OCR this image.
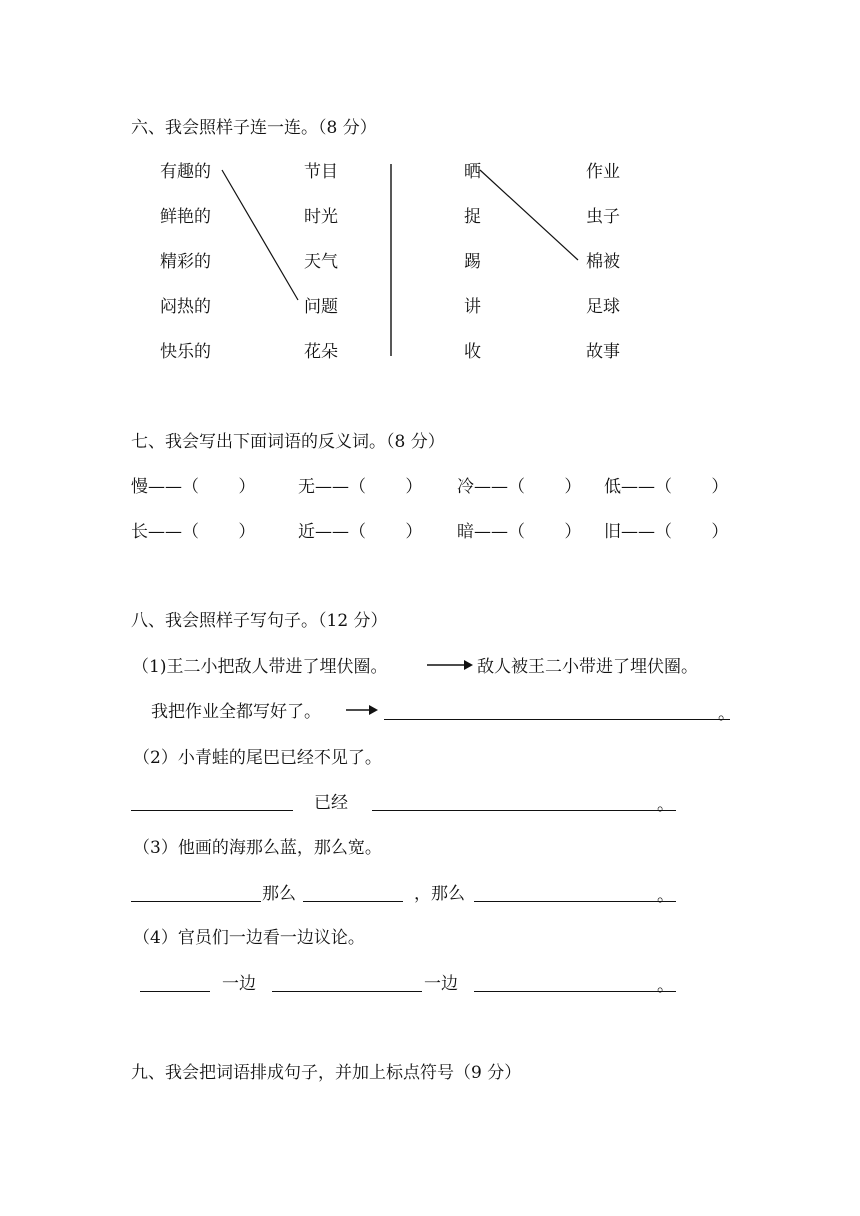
六、我会照样子连一连。（8 分）
有趣的
鲜艳的
精彩的
闷热的
快乐的
节目
时光
天气
问题
花朵
晒
捉
踢
讲
收
作业
虫子
棉被
足球
故事
七、我会写出下面词语的反义词。（8 分）
慢——（　　 ）	无——（　　 ） 冷——（　　 ） 低——（　　 ）
长——（　　 ）	近——（　　 ） 暗——（　　 ） 旧——（　　 ）
八、我会照样子写句子。（12 分）
（1)王二小把敌人带进了埋伏圈。	敌人被王二小带进了埋伏圈。
我把作业全都写好了。	。
（2）小青蛙的尾巴已经不见了。
已经	。
（3）他画的海那么蓝，那么宽。
那么	，那么	。
（4）官员们一边看一边议论。
一边	一边	。
九、我会把词语排成句子，并加上标点符号（9 分）
